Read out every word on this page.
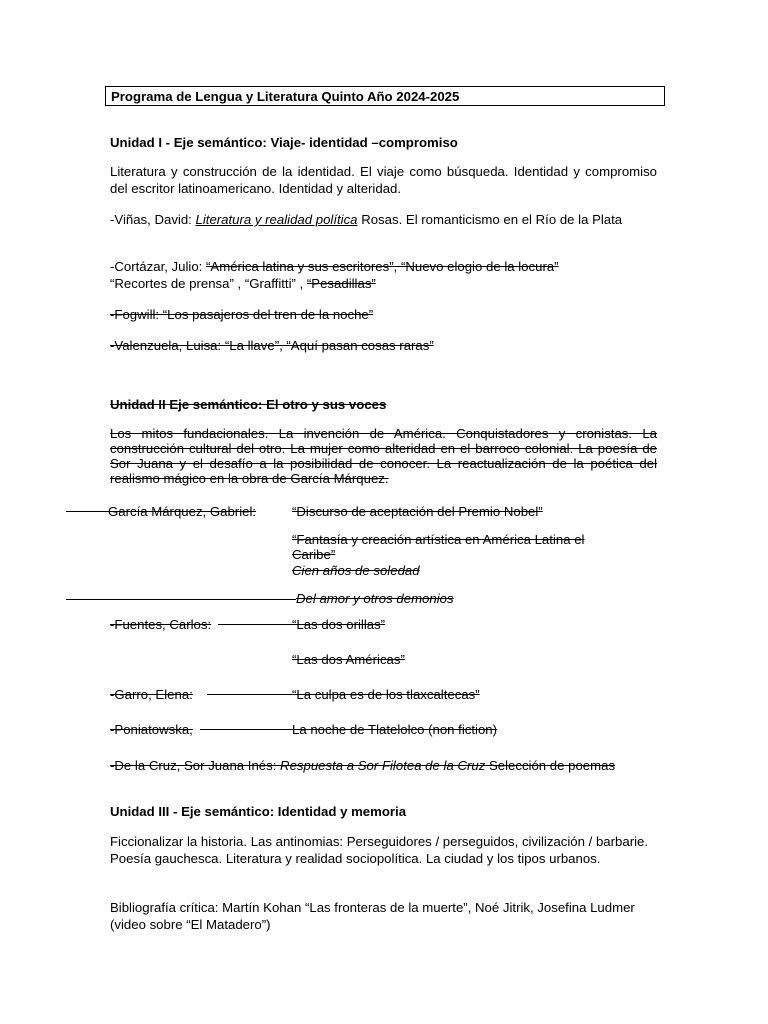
Programa de Lengua y Literatura Quinto Año 2024-2025
Unidad I - Eje semántico: Viaje- identidad –compromiso
Literatura y construcción de la identidad. El viaje como búsqueda. Identidad y compromiso del escritor latinoamericano. Identidad y alteridad.
-Viñas, David: Literatura y realidad política Rosas. El romanticismo en el Río de la Plata
-Cortázar, Julio: “América latina y sus escritores”, “Nuevo elogio de la locura”
“Recortes de prensa” , “Graffitti” , “Pesadillas”
-Fogwill: “Los pasajeros del tren de la noche”
-Valenzuela, Luisa: “La llave”, “Aquí pasan cosas raras”
Unidad II Eje semántico: El otro y sus voces
Los mitos fundacionales. La invención de América. Conquistadores y cronistas. La construcción cultural del otro. La mujer como alteridad en el barroco colonial. La poesía de Sor Juana y el desafío a la posibilidad de conocer. La reactualización de la poética del realismo mágico en la obra de García Márquez.
García Márquez, Gabriel:	“Discurso de aceptación del Premio Nobel”
“Fantasía y creación artística en América Latina el
Caribe”
Cien años de soledad
Del amor y otros demonios
-Fuentes, Carlos:	“Las dos orillas”
“Las dos Américas”
-Garro, Elena:	“La culpa es de los tlaxcaltecas”
-Poniatowska,	La noche de Tlatelolco (non fiction)
-De la Cruz, Sor Juana Inés: Respuesta a Sor Filotea de la Cruz Selección de poemas
Unidad III - Eje semántico: Identidad y memoria
Ficcionalizar la historia. Las antinomias: Perseguidores / perseguidos, civilización / barbarie. Poesía gauchesca. Literatura y realidad sociopolítica. La ciudad y los tipos urbanos.
Bibliografía crítica: Martín Kohan “Las fronteras de la muerte”, Noé Jitrik, Josefina Ludmer (video sobre “El Matadero”)
